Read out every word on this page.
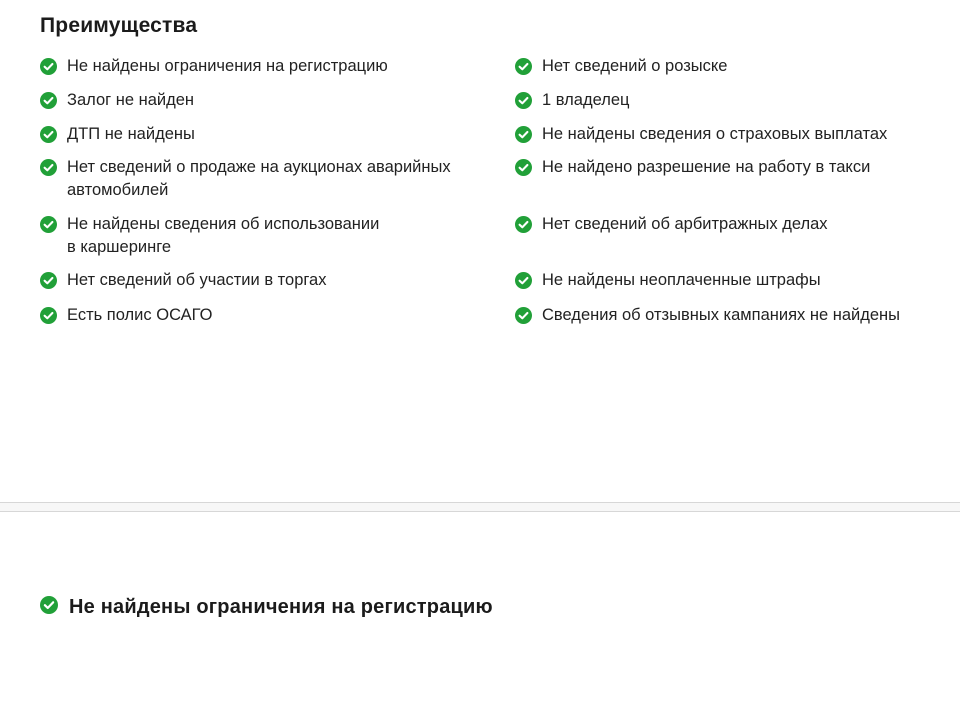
Преимущества
Не найдены ограничения на регистрацию
Залог не найден
ДТП не найдены
Нет сведений о продаже на аукционах аварийных
автомобилей
Не найдены сведения об использовании
в каршеринге
Нет сведений об участии в торгах
Есть полис ОСАГО
Нет сведений о розыске
1 владелец
Не найдены сведения о страховых выплатах
Не найдено разрешение на работу в такси
Нет сведений об арбитражных делах
Не найдены неоплаченные штрафы
Сведения об отзывных кампаниях не найдены
Не найдены ограничения на регистрацию
